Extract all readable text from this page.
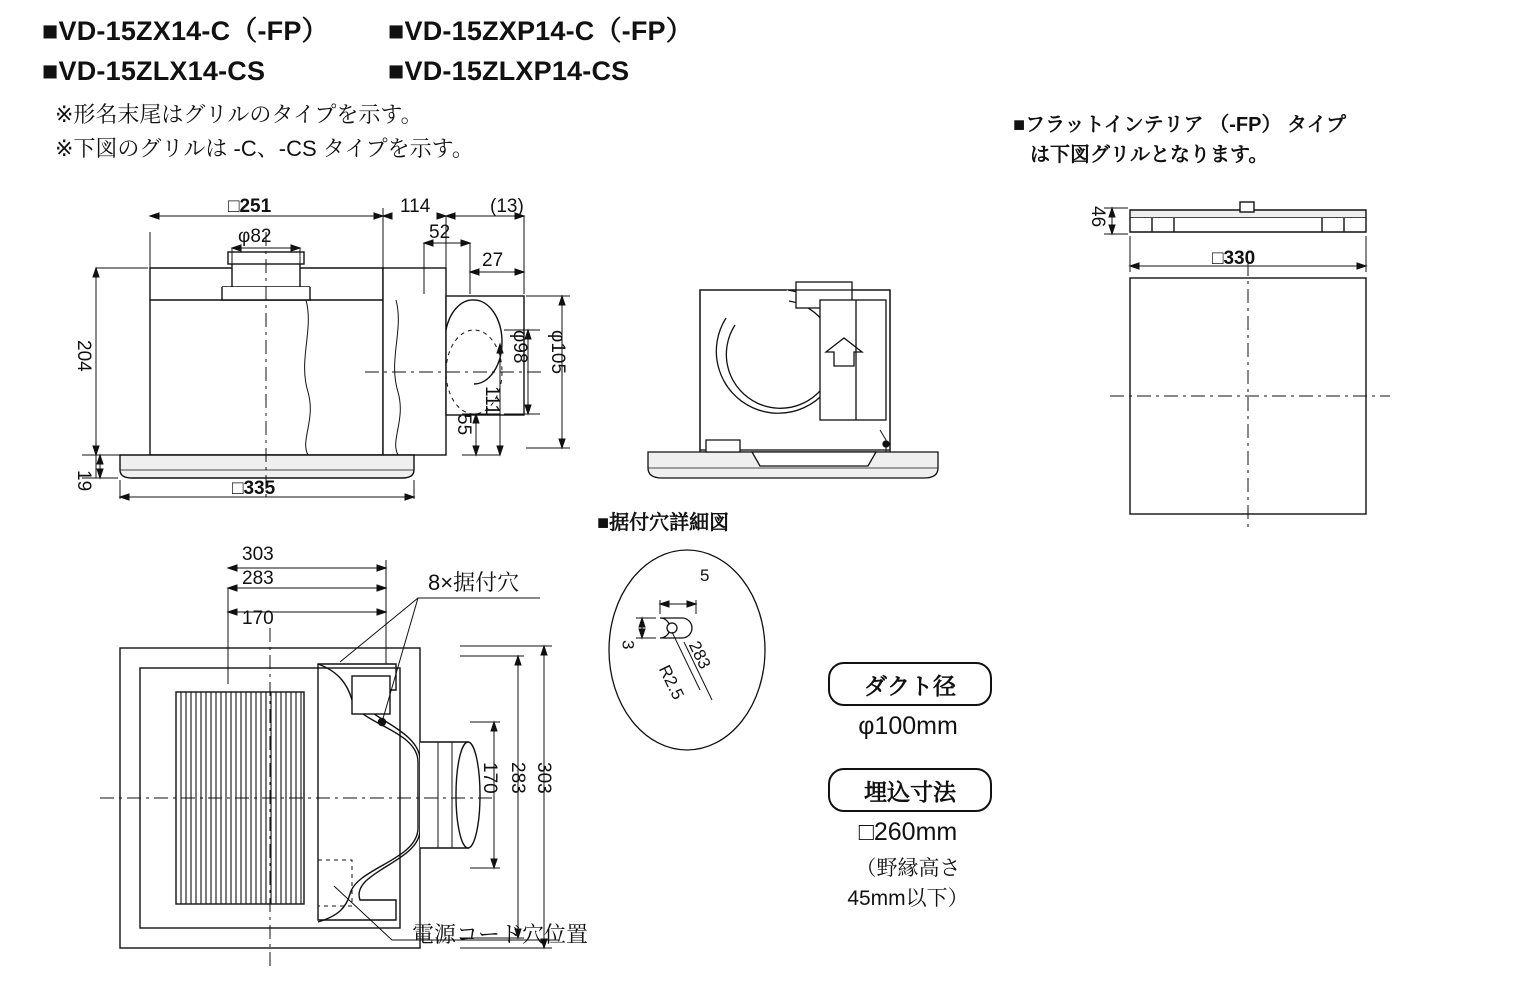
■VD-15ZX14-C（-FP） ■VD-15ZXP14-C（-FP）
■VD-15ZLX14-CS	■VD-15ZLXP14-CS
※形名末尾はグリルのタイプを示す。
※下図のグリルは -C、-CS タイプを示す。
■フラットインテリア （-FP） タイプ
は下図グリルとなります。
□251	114	(13)
φ82	52
27
204	φ98 φ105
55
111
19	□335
■据付穴詳細図
5
3
R2.5
283
303
283
170
170 283 303
8×据付穴
電源コード穴位置
46
□330
ダクト径
φ100mm
埋込寸法
□260mm
（野縁高さ
45mm以下）
